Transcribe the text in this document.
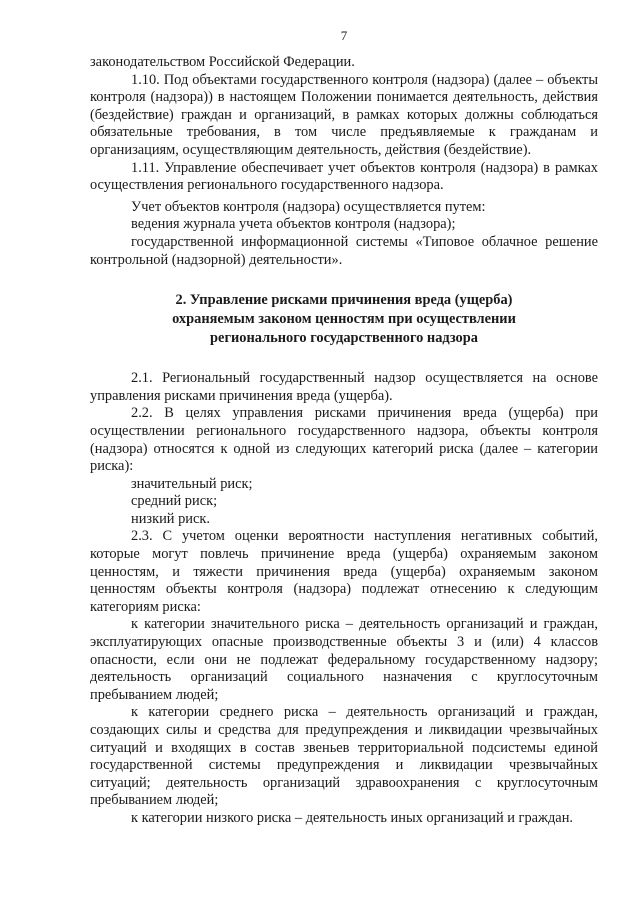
7

законодательством Российской Федерации.

1.10. Под объектами государственного контроля (надзора) (далее – объекты контроля (надзора)) в настоящем Положении понимается деятельность, действия (бездействие) граждан и организаций, в рамках которых должны соблюдаться обязательные требования, в том числе предъявляемые к гражданам и организациям, осуществляющим деятельность, действия (бездействие).

1.11. Управление обеспечивает учет объектов контроля (надзора) в рамках осуществления регионального государственного надзора.

Учет объектов контроля (надзора) осуществляется путем:

ведения журнала учета объектов контроля (надзора);

государственной информационной системы «Типовое облачное решение контрольной (надзорной) деятельности».

2. Управление рисками причинения вреда (ущерба)
охраняемым законом ценностям при осуществлении
регионального государственного надзора

2.1. Региональный государственный надзор осуществляется на основе управления рисками причинения вреда (ущерба).

2.2. В целях управления рисками причинения вреда (ущерба) при осуществлении регионального государственного надзора, объекты контроля (надзора) относятся к одной из следующих категорий риска (далее – категории риска):

значительный риск;

средний риск;

низкий риск.

2.3. С учетом оценки вероятности наступления негативных событий, которые могут повлечь причинение вреда (ущерба) охраняемым законом ценностям, и тяжести причинения вреда (ущерба) охраняемым законом ценностям объекты контроля (надзора) подлежат отнесению к следующим категориям риска:

к категории значительного риска – деятельность организаций и граждан, эксплуатирующих опасные производственные объекты 3 и (или) 4 классов опасности, если они не подлежат федеральному государственному надзору; деятельность организаций социального назначения с круглосуточным пребыванием людей;

к категории среднего риска – деятельность организаций и граждан, создающих силы и средства для предупреждения и ликвидации чрезвычайных ситуаций и входящих в состав звеньев территориальной подсистемы единой государственной системы предупреждения и ликвидации чрезвычайных ситуаций; деятельность организаций здравоохранения с круглосуточным пребыванием людей;

к категории низкого риска – деятельность иных организаций и граждан.
